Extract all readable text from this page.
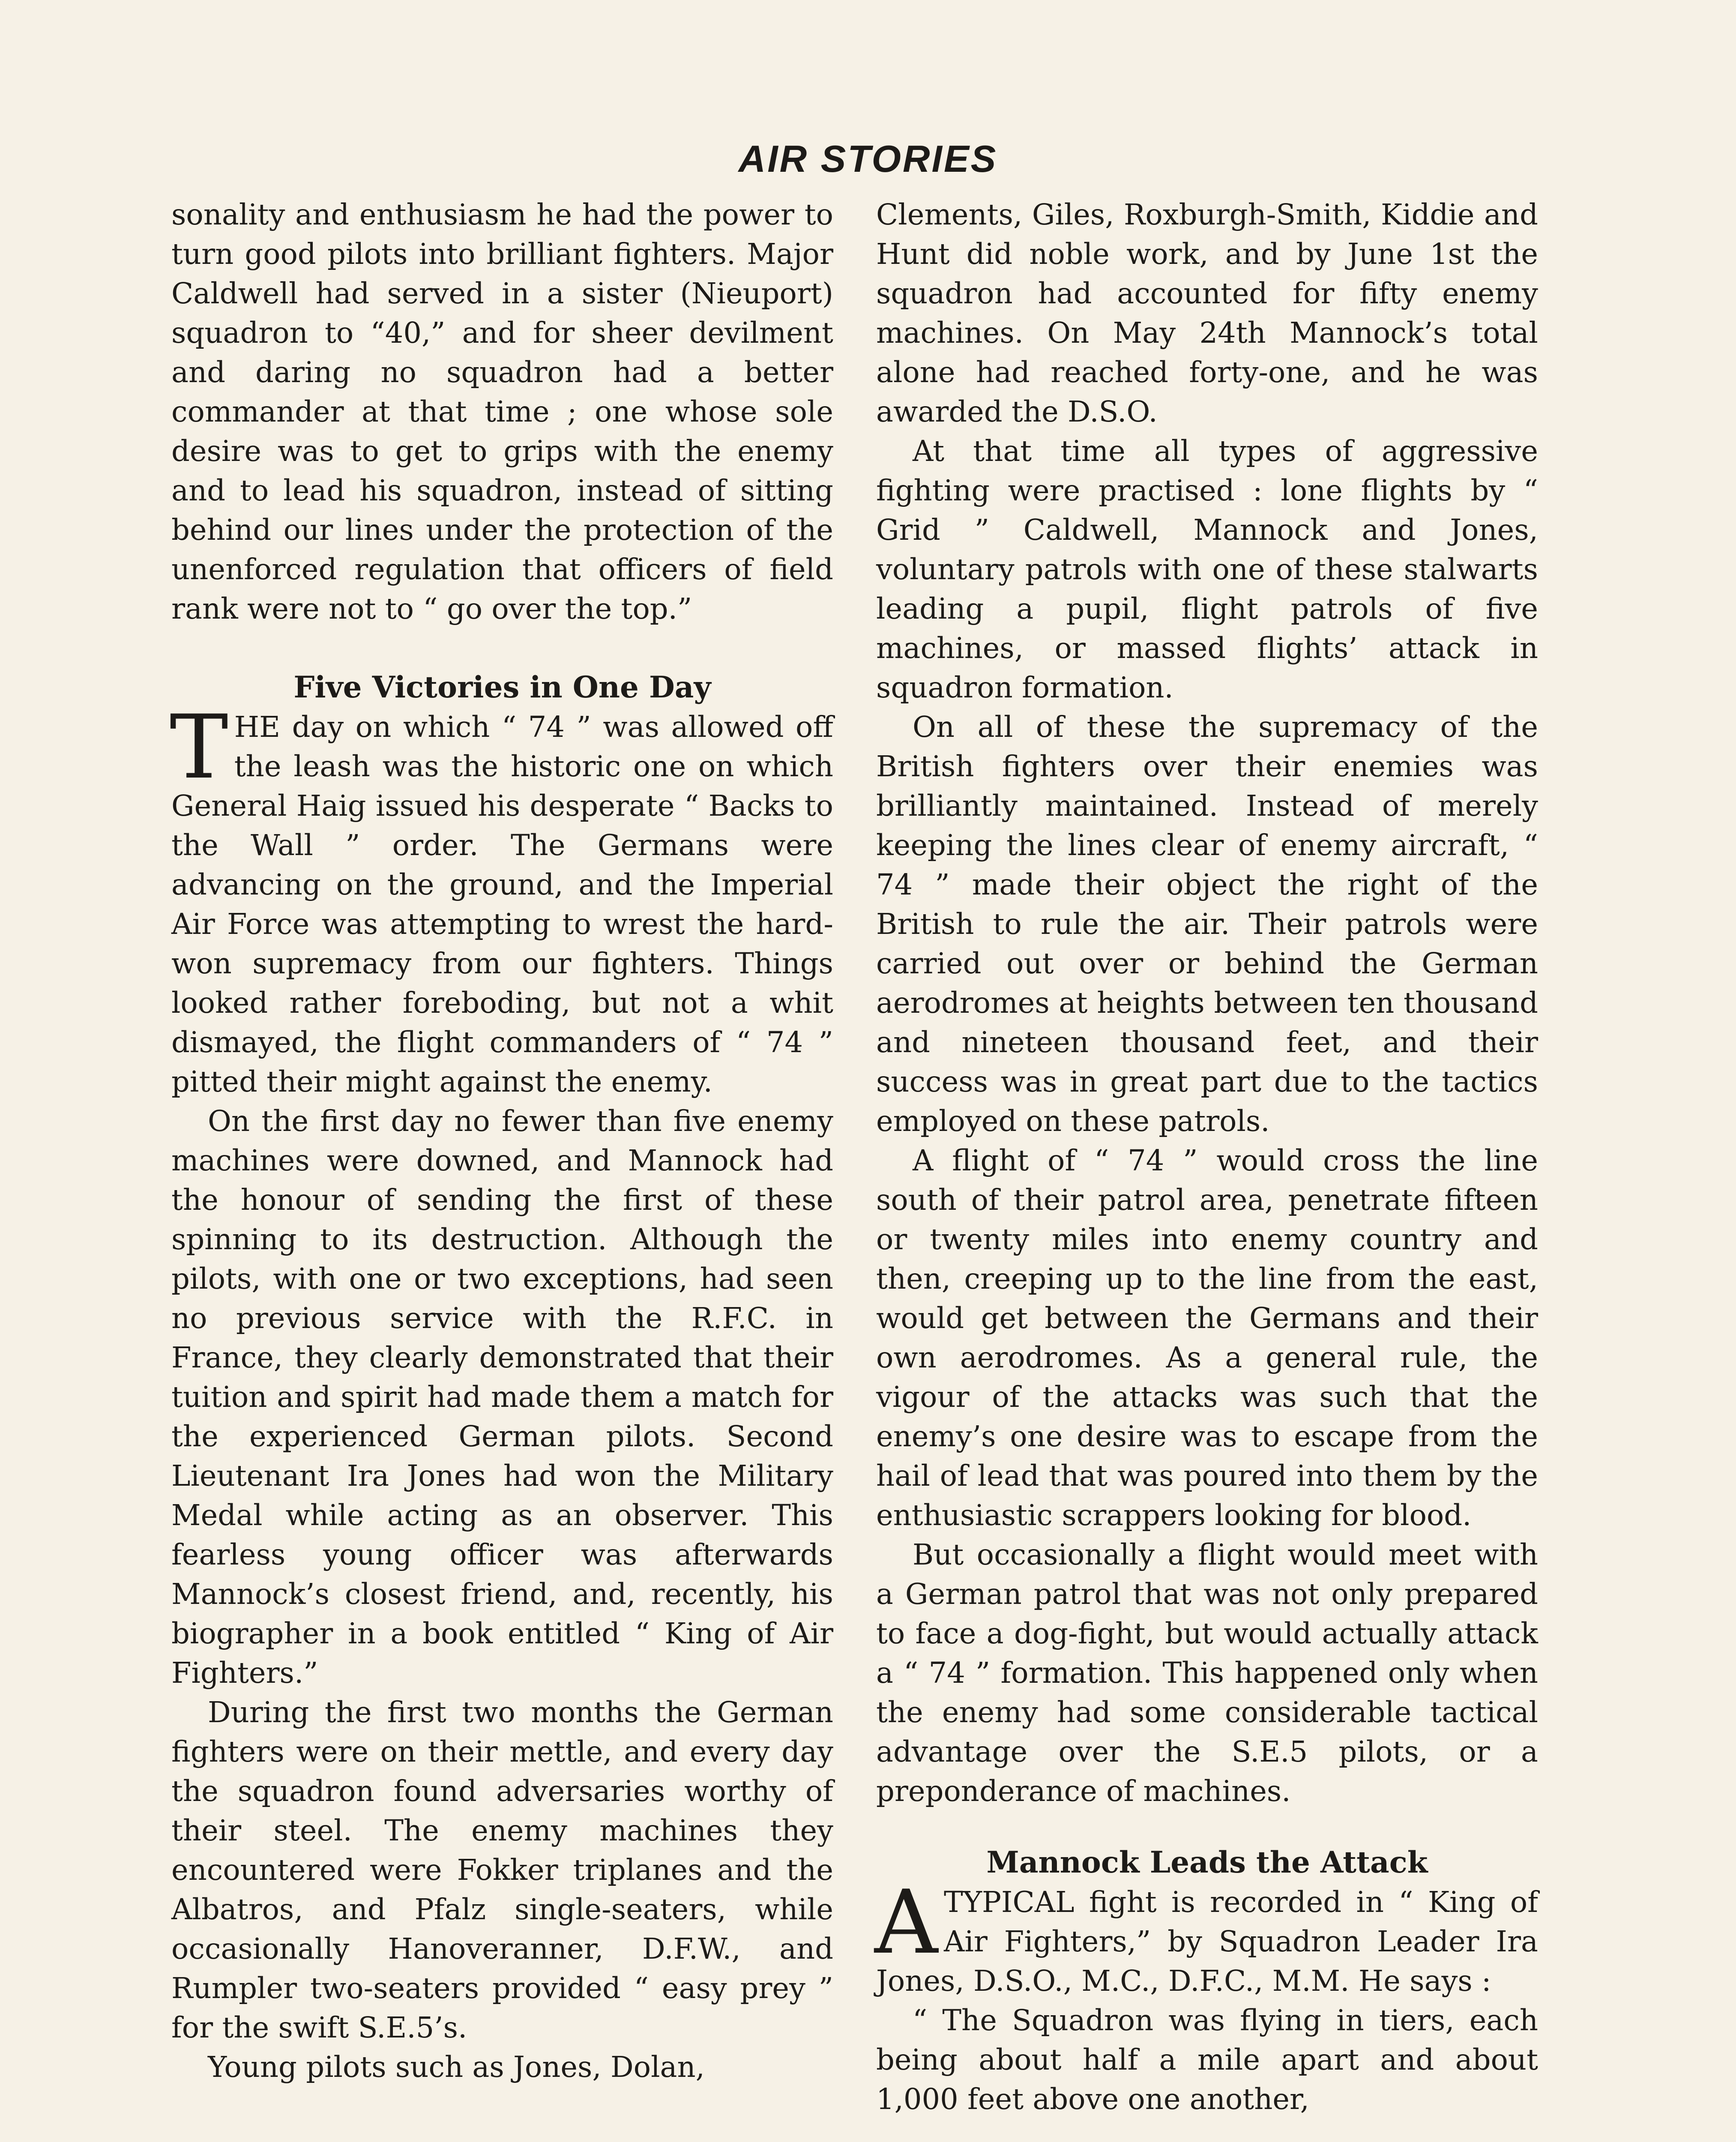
AIR STORIES

sonality and enthusiasm he had the power to turn good pilots into brilliant fighters. Major Caldwell had served in a sister (Nieuport) squadron to “40,” and for sheer devilment and daring no squadron had a better commander at that time ; one whose sole desire was to get to grips with the enemy and to lead his squadron, instead of sitting behind our lines under the protection of the unenforced regulation that officers of field rank were not to “ go over the top.”

Five Victories in One Day

THE day on which “ 74 ” was allowed off the leash was the historic one on which General Haig issued his desperate “ Backs to the Wall ” order. The Germans were advancing on the ground, and the Imperial Air Force was attempting to wrest the hard-won supremacy from our fighters. Things looked rather foreboding, but not a whit dismayed, the flight commanders of “ 74 ” pitted their might against the enemy.

On the first day no fewer than five enemy machines were downed, and Mannock had the honour of sending the first of these spinning to its destruction. Although the pilots, with one or two exceptions, had seen no previous service with the R.F.C. in France, they clearly demonstrated that their tuition and spirit had made them a match for the experienced German pilots. Second Lieutenant Ira Jones had won the Military Medal while acting as an observer. This fearless young officer was afterwards Mannock’s closest friend, and, recently, his biographer in a book entitled “ King of Air Fighters.”

During the first two months the German fighters were on their mettle, and every day the squadron found adversaries worthy of their steel. The enemy machines they encountered were Fokker triplanes and the Albatros, and Pfalz single-seaters, while occasionally Hanoveranner, D.F.W., and Rumpler two-seaters provided “ easy prey ” for the swift S.E.5’s.

Young pilots such as Jones, Dolan,

Clements, Giles, Roxburgh-Smith, Kiddie and Hunt did noble work, and by June 1st the squadron had accounted for fifty enemy machines. On May 24th Mannock’s total alone had reached forty-one, and he was awarded the D.S.O.

At that time all types of aggressive fighting were practised : lone flights by “ Grid ” Caldwell, Mannock and Jones, voluntary patrols with one of these stalwarts leading a pupil, flight patrols of five machines, or massed flights’ attack in squadron formation.

On all of these the supremacy of the British fighters over their enemies was brilliantly maintained. Instead of merely keeping the lines clear of enemy aircraft, “ 74 ” made their object the right of the British to rule the air. Their patrols were carried out over or behind the German aerodromes at heights between ten thousand and nineteen thousand feet, and their success was in great part due to the tactics employed on these patrols.

A flight of “ 74 ” would cross the line south of their patrol area, penetrate fifteen or twenty miles into enemy country and then, creeping up to the line from the east, would get between the Germans and their own aerodromes. As a general rule, the vigour of the attacks was such that the enemy’s one desire was to escape from the hail of lead that was poured into them by the enthusiastic scrappers looking for blood.

But occasionally a flight would meet with a German patrol that was not only prepared to face a dog-fight, but would actually attack a “ 74 ” formation. This happened only when the enemy had some considerable tactical advantage over the S.E.5 pilots, or a preponderance of machines.

Mannock Leads the Attack

ATYPICAL fight is recorded in “ King of Air Fighters,” by Squadron Leader Ira Jones, D.S.O., M.C., D.F.C., M.M. He says :

“ The Squadron was flying in tiers, each being about half a mile apart and about 1,000 feet above one another,
